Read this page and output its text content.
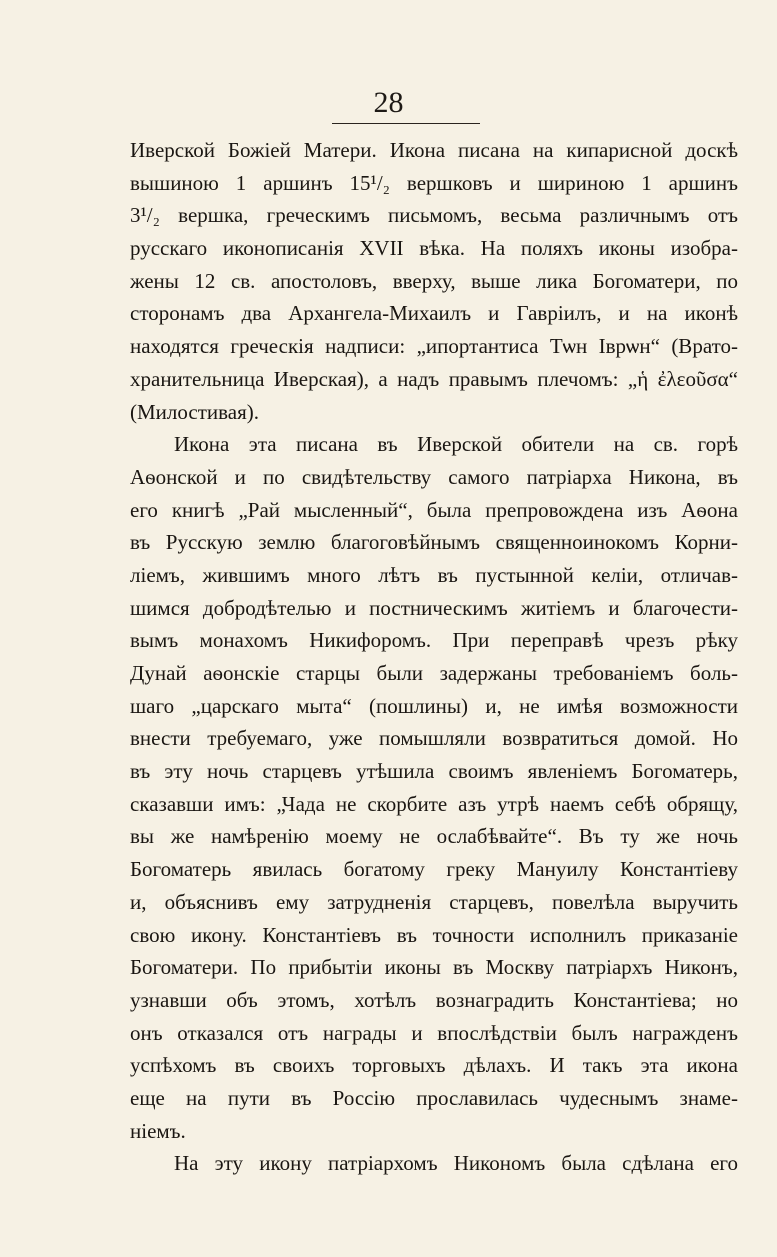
28
Иверской Божіей Матери. Икона писана на кипарисной доскѣ
вышиною 1 аршинъ 15¹/₂ вершковъ и шириною 1 аршинъ
3¹/₂ вершка, греческимъ письмомъ, весьма различнымъ отъ
русскаго иконописанія XVII вѣка. На поляхъ иконы изобра-
жены 12 св. апостоловъ, вверху, выше лика Богоматери, по
сторонамъ два Архангела-Михаилъ и Гавріилъ, и на иконѣ
находятся греческія надписи: „ипортантиса Тѡн Іврѡн“ (Врато-
хранительница Иверская), а надъ правымъ плечомъ: „ἡ ἐλεοῦσα“
(Милостивая).
Икона эта писана въ Иверской обители на св. горѣ
Аѳонской и по свидѣтельству самого патріарха Никона, въ
его книгѣ „Рай мысленный“, была препровождена изъ Аѳона
въ Русскую землю благоговѣйнымъ священноинокомъ Корни-
ліемъ, жившимъ много лѣтъ въ пустынной келіи, отличав-
шимся добродѣтелью и постническимъ житіемъ и благочести-
вымъ монахомъ Никифоромъ. При переправѣ чрезъ рѣку
Дунай аѳонскіе старцы были задержаны требованіемъ боль-
шаго „царскаго мыта“ (пошлины) и, не имѣя возможности
внести требуемаго, уже помышляли возвратиться домой. Но
въ эту ночь старцевъ утѣшила своимъ явленіемъ Богоматерь,
сказавши имъ: „Чада не скорбите азъ утрѣ наемъ себѣ обрящу,
вы же намѣренію моему не ослабѣвайте“. Въ ту же ночь
Богоматерь явилась богатому греку Мануилу Константіеву
и, объяснивъ ему затрудненія старцевъ, повелѣла выручить
свою икону. Константіевъ въ точности исполнилъ приказаніе
Богоматери. По прибытіи иконы въ Москву патріархъ Никонъ,
узнавши объ этомъ, хотѣлъ вознаградить Константіева; но
онъ отказался отъ награды и впослѣдствіи былъ награжденъ
успѣхомъ въ своихъ торговыхъ дѣлахъ. И такъ эта икона
еще на пути въ Россію прославилась чудеснымъ знаме-
ніемъ.
На эту икону патріархомъ Никономъ была сдѣлана его
